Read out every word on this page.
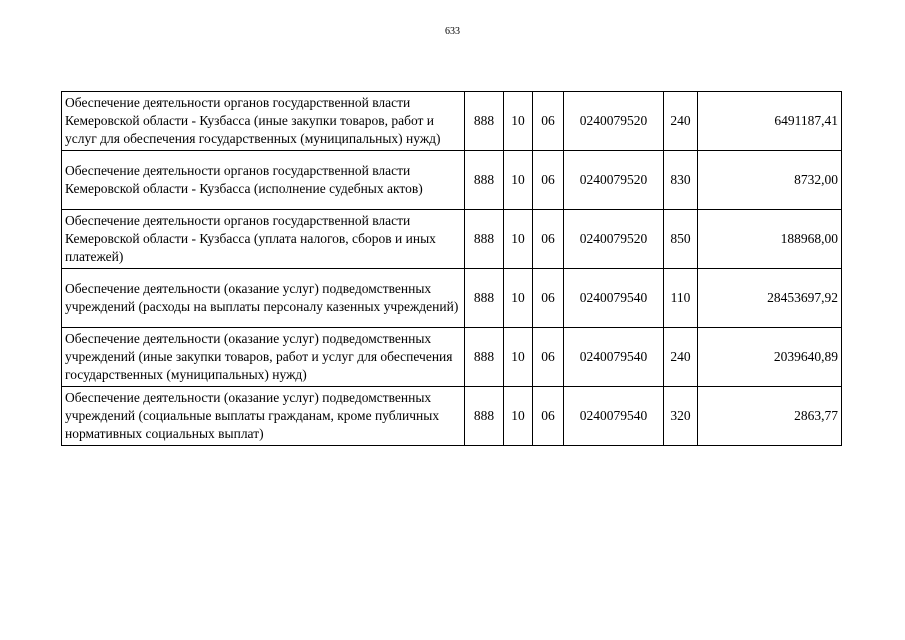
633
Обеспечение деятельности органов государственной власти Кемеровской области - Кузбасса (иные закупки товаров, работ и услуг для обеспечения государственных (муниципальных) нужд)	888	10	06	0240079520	240	6491187,41
Обеспечение деятельности органов государственной власти Кемеровской области - Кузбасса (исполнение судебных актов)	888	10	06	0240079520	830	8732,00
Обеспечение деятельности органов государственной власти Кемеровской области - Кузбасса (уплата налогов, сборов и иных платежей)	888	10	06	0240079520	850	188968,00
Обеспечение деятельности (оказание услуг) подведомственных учреждений (расходы на выплаты персоналу казенных учреждений)	888	10	06	0240079540	110	28453697,92
Обеспечение деятельности (оказание услуг) подведомственных учреждений (иные закупки товаров, работ и услуг для обеспечения государственных (муниципальных) нужд)	888	10	06	0240079540	240	2039640,89
Обеспечение деятельности (оказание услуг) подведомственных учреждений (социальные выплаты гражданам, кроме публичных нормативных социальных выплат)	888	10	06	0240079540	320	2863,77
